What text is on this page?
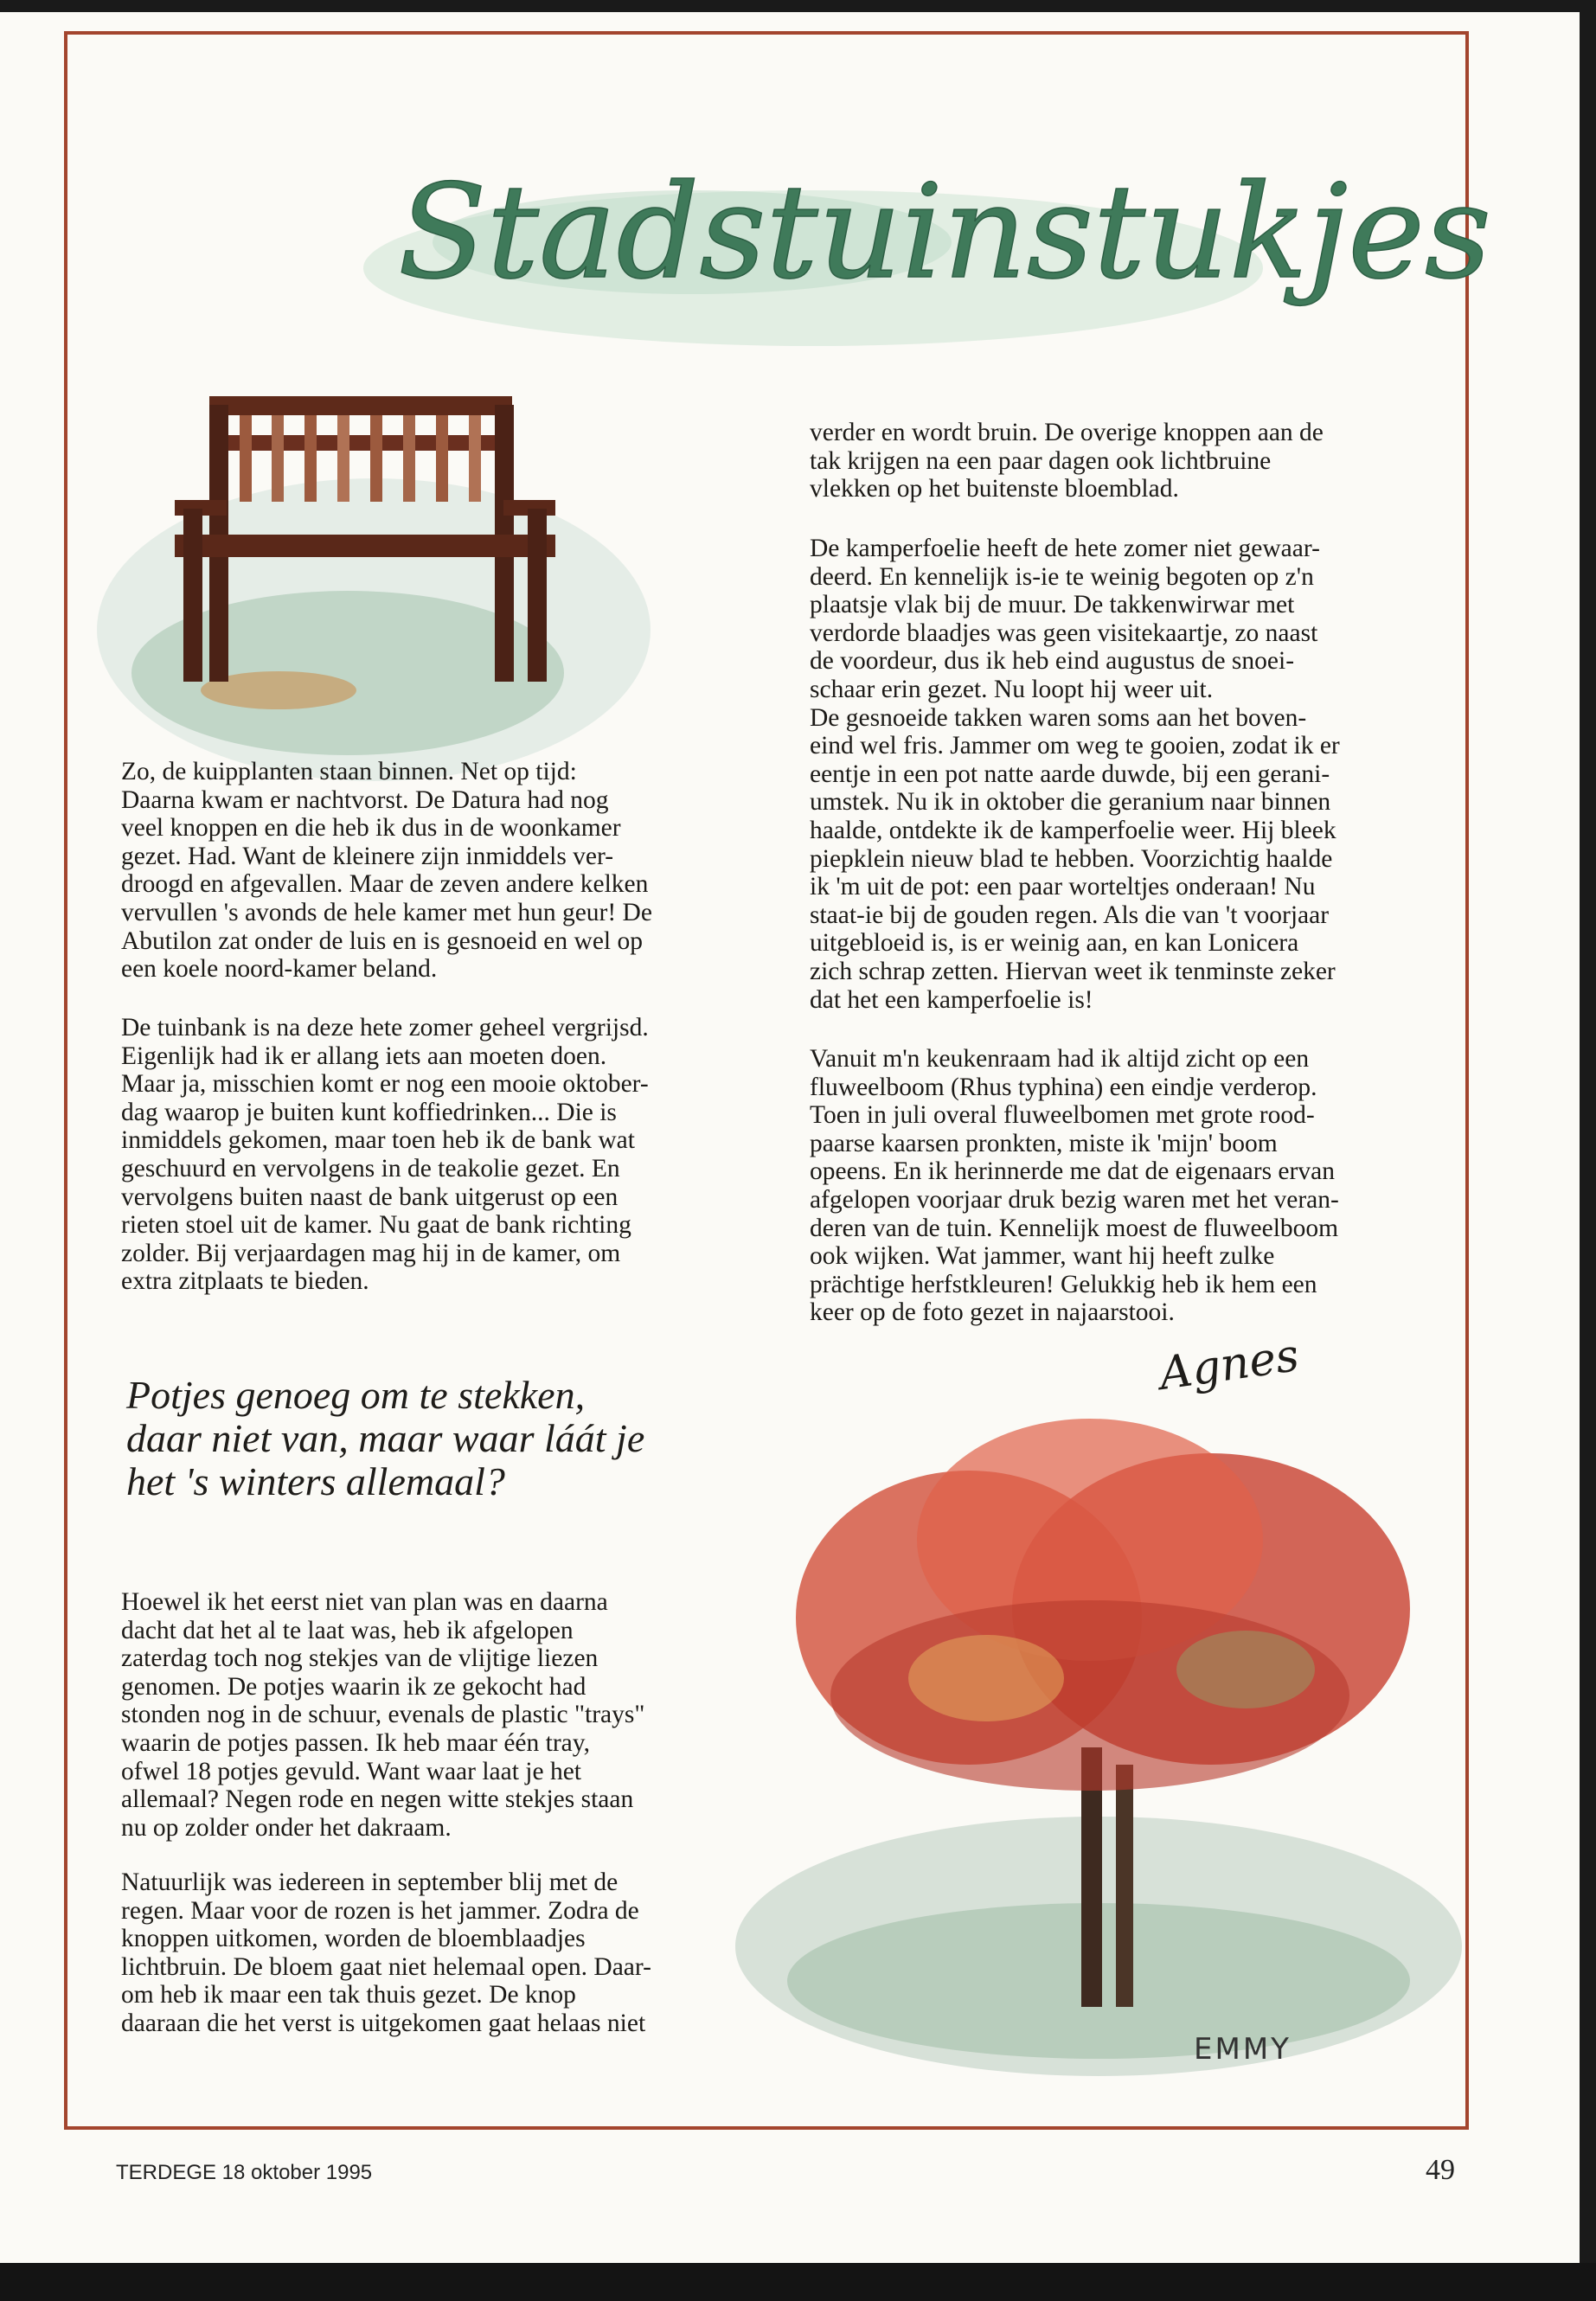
Stadstuinstukjes
EMMY

Zo, de kuipplanten staan binnen. Net op tijd:
Daarna kwam er nachtvorst. De Datura had nog
veel knoppen en die heb ik dus in de woonkamer
gezet. Had. Want de kleinere zijn inmiddels ver-
droogd en afgevallen. Maar de zeven andere kelken
vervullen 's avonds de hele kamer met hun geur! De
Abutilon zat onder de luis en is gesnoeid en wel op
een koele noord-kamer beland.

De tuinbank is na deze hete zomer geheel vergrijsd.
Eigenlijk had ik er allang iets aan moeten doen.
Maar ja, misschien komt er nog een mooie oktober-
dag waarop je buiten kunt koffiedrinken... Die is
inmiddels gekomen, maar toen heb ik de bank wat
geschuurd en vervolgens in de teakolie gezet. En
vervolgens buiten naast de bank uitgerust op een
rieten stoel uit de kamer. Nu gaat de bank richting
zolder. Bij verjaardagen mag hij in de kamer, om
extra zitplaats te bieden.

Potjes genoeg om te stekken,
daar niet van, maar waar láát je
het 's winters allemaal?

Hoewel ik het eerst niet van plan was en daarna
dacht dat het al te laat was, heb ik afgelopen
zaterdag toch nog stekjes van de vlijtige liezen
genomen. De potjes waarin ik ze gekocht had
stonden nog in de schuur, evenals de plastic "trays"
waarin de potjes passen. Ik heb maar één tray,
ofwel 18 potjes gevuld. Want waar laat je het
allemaal? Negen rode en negen witte stekjes staan
nu op zolder onder het dakraam.

Natuurlijk was iedereen in september blij met de
regen. Maar voor de rozen is het jammer. Zodra de
knoppen uitkomen, worden de bloemblaadjes
lichtbruin. De bloem gaat niet helemaal open. Daar-
om heb ik maar een tak thuis gezet. De knop
daaraan die het verst is uitgekomen gaat helaas niet

verder en wordt bruin. De overige knoppen aan de
tak krijgen na een paar dagen ook lichtbruine
vlekken op het buitenste bloemblad.

De kamperfoelie heeft de hete zomer niet gewaar-
deerd. En kennelijk is-ie te weinig begoten op z'n
plaatsje vlak bij de muur. De takkenwirwar met
verdorde blaadjes was geen visitekaartje, zo naast
de voordeur, dus ik heb eind augustus de snoei-
schaar erin gezet. Nu loopt hij weer uit.
De gesnoeide takken waren soms aan het boven-
eind wel fris. Jammer om weg te gooien, zodat ik er
eentje in een pot natte aarde duwde, bij een gerani-
umstek. Nu ik in oktober die geranium naar binnen
haalde, ontdekte ik de kamperfoelie weer. Hij bleek
piepklein nieuw blad te hebben. Voorzichtig haalde
ik 'm uit de pot: een paar worteltjes onderaan! Nu
staat-ie bij de gouden regen. Als die van 't voorjaar
uitgebloeid is, is er weinig aan, en kan Lonicera
zich schrap zetten. Hiervan weet ik tenminste zeker
dat het een kamperfoelie is!

Vanuit m'n keukenraam had ik altijd zicht op een
fluweelboom (Rhus typhina) een eindje verderop.
Toen in juli overal fluweelbomen met grote rood-
paarse kaarsen pronkten, miste ik 'mijn' boom
opeens. En ik herinnerde me dat de eigenaars ervan
afgelopen voorjaar druk bezig waren met het veran-
deren van de tuin. Kennelijk moest de fluweelboom
ook wijken. Wat jammer, want hij heeft zulke
prächtige herfstkleuren! Gelukkig heb ik hem een
keer op de foto gezet in najaarstooi.

Agnes
TERDEGE 18 oktober 1995	49
